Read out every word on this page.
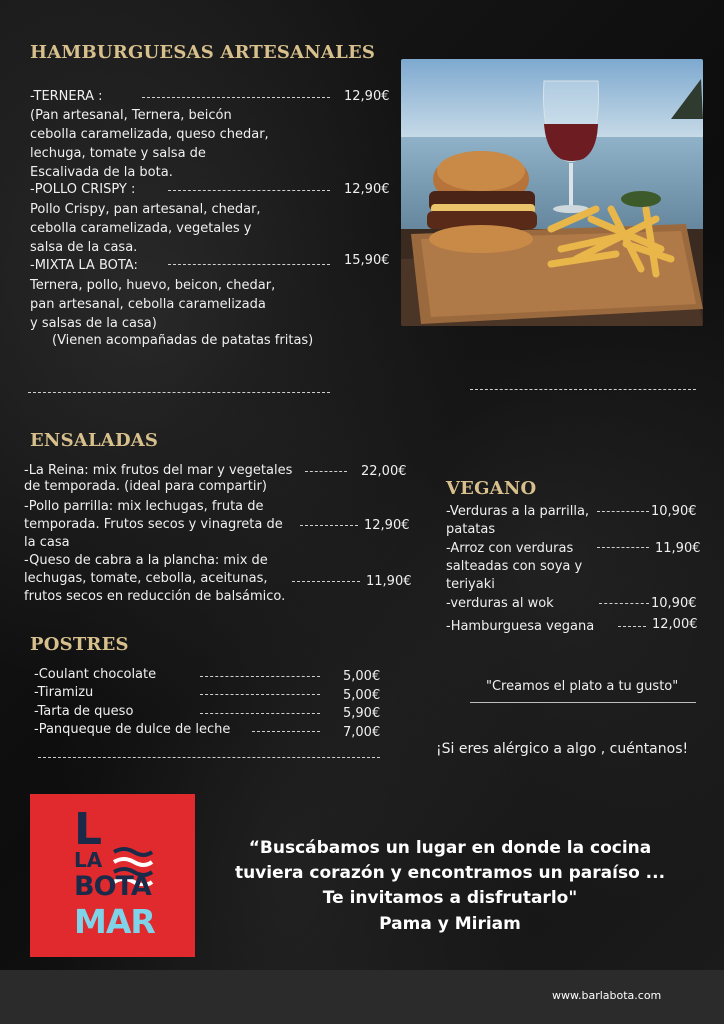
HAMBURGUESAS ARTESANALES
-TERNERA :	12,90€
(Pan artesanal, Ternera, beicón
cebolla caramelizada, queso chedar,
lechuga, tomate y salsa de
Escalivada de la bota.
-POLLO CRISPY :	12,90€
Pollo Crispy, pan artesanal, chedar,
cebolla caramelizada, vegetales y
salsa de la casa.
-MIXTA LA BOTA:	15,90€
Ternera, pollo, huevo, beicon, chedar,
pan artesanal, cebolla caramelizada
y salsas de la casa)
(Vienen acompañadas de patatas fritas)
ENSALADAS
-La Reina: mix frutos del mar y vegetales
de temporada. (ideal para compartir)
22,00€
-Pollo parrilla: mix lechugas, fruta de
temporada. Frutos secos y vinagreta de
la casa
12,90€
-Queso de cabra a la plancha: mix de
lechugas, tomate, cebolla, aceitunas,
frutos secos en reducción de balsámico.
11,90€
VEGANO
-Verduras a la parrilla,
patatas
10,90€
-Arroz con verduras
salteadas con soya y
teriyaki
11,90€
-verduras al wok	10,90€
-Hamburguesa vegana	12,00€
"Creamos el plato a tu gusto"
POSTRES
-Coulant chocolate	5,00€
-Tiramizu	5,00€
-Tarta de queso	5,90€
-Panqueque de dulce de leche	7,00€
¡Si eres alérgico a algo , cuéntanos!
L
LA
BOTA
MAR
“Buscábamos un lugar en donde la cocina
tuviera corazón y encontramos un paraíso ...
Te invitamos a disfrutarlo"
Pama y Miriam
www.barlabota.com
